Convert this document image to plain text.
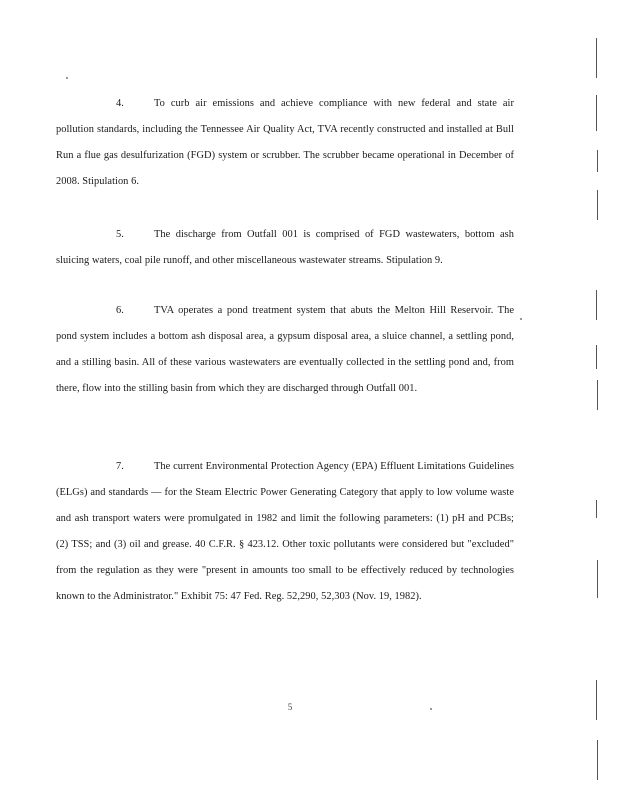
4.	To curb air emissions and achieve compliance with new federal and state air pollution standards, including the Tennessee Air Quality Act, TVA recently constructed and installed at Bull Run a flue gas desulfurization (FGD) system or scrubber. The scrubber became operational in December of 2008. Stipulation 6.

5.	The discharge from Outfall 001 is comprised of FGD wastewaters, bottom ash sluicing waters, coal pile runoff, and other miscellaneous wastewater streams. Stipulation 9.

6.	TVA operates a pond treatment system that abuts the Melton Hill Reservoir. The pond system includes a bottom ash disposal area, a gypsum disposal area, a sluice channel, a settling pond, and a stilling basin. All of these various wastewaters are eventually collected in the settling pond and, from there, flow into the stilling basin from which they are discharged through Outfall 001.

7.	The current Environmental Protection Agency (EPA) Effluent Limitations Guidelines (ELGs) and standards — for the Steam Electric Power Generating Category that apply to low volume waste and ash transport waters were promulgated in 1982 and limit the following parameters: (1) pH and PCBs; (2) TSS; and (3) oil and grease. 40 C.F.R. § 423.12. Other toxic pollutants were considered but "excluded" from the regulation as they were "present in amounts too small to be effectively reduced by technologies known to the Administrator." Exhibit 75: 47 Fed. Reg. 52,290, 52,303 (Nov. 19, 1982).

5
